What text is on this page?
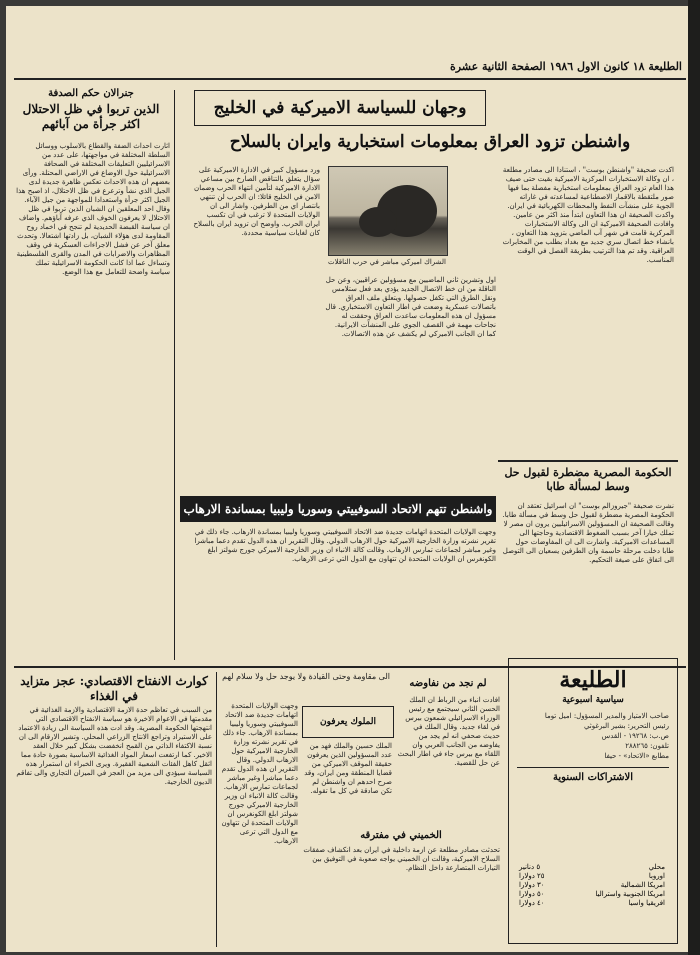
الطليعة ١٨ كانون الاول ١٩٨٦ الصفحة الثانية عشرة
وجهان للسياسة الاميركية في الخليج
واشنطن تزود العراق بمعلومات استخبارية وايران بالسلاح
الشراك اميركي مباشر في حرب الناقلات

اكدت صحيفة "واشنطن بوست" ، استنادا الى مصادر مطلعة ، ان وكالة الاستخبارات المركزية الاميركية بقيت حتى صيف هذا العام تزود العراق بمعلومات استخبارية مفصلة بما فيها صور ملتقطة بالاقمار الاصطناعية لمساعدته في غاراته الجوية على منشآت النفط والمحطات الكهربائية في ايران. واكدت الصحيفة ان هذا التعاون ابتدأ منذ اكثر من عامين. وافادت الصحيفة الاميركية ان الى وكالة الاستخبارات المركزية قامت في شهر آب الماضي بتزويد هذا التعاون ، بانشاء خط اتصال سري جديد مع بغداد بطلب من المخابرات العراقية. وقد تم هذا الترتيب بطريقة الفصل في الوقت المناسب.

اول وتشرين ثاني الماضيين مع مسؤولين عراقيين، وعن حل الناقلة من ان خط الاتصال الجديد يؤدي بعد فعل ستلامس ونقل الطرق التي تكفل حصولها. ويتعلق ملف العراق باتصالات عسكرية وضعت في اطار التعاون الاستخباري. قال مسؤول ان هذه المعلومات ساعدت العراق وحققت له نجاحات مهمة في القصف الجوي على المنشآت الايرانية. كما ان الجانب الاميركي لم يكشف عن هذه الاتصالات.

ورد مسؤول كبير في الادارة الاميركية على سؤال يتعلق بالتناقض الصارخ بين مساعي الادارة الاميركية لتأمين انتهاء الحرب وضمان الامن في الخليج قائلا: ان الحرب لن تنتهي بانتصار اي من الطرفين. واشار الى ان الولايات المتحدة لا ترغب في ان تكسب ايران الحرب. واوضح ان تزويد ايران بالسلاح كان لغايات سياسية محددة.

الحكومة المصرية مضطرة لقبول حل وسط لمسألة طابا

نشرت صحيفة "جيروزالم بوست" ان اسرائيل تعتقد ان الحكومة المصرية مضطرة لقبول حل وسط في مسألة طابا. وقالت الصحيفة ان المسؤولين الاسرائيليين يرون ان مصر لا تملك خيارا آخر بسبب الضغوط الاقتصادية وحاجتها الى المساعدات الاميركية. واشارت الى ان المفاوضات حول طابا دخلت مرحلة حاسمة وان الطرفين يسعيان الى التوصل الى اتفاق على صيغة التحكيم.

واشنطن تتهم الاتحاد السوفييتي وسوريا وليبيا بمساندة الارهاب

وجهت الولايات المتحدة اتهامات جديدة ضد الاتحاد السوفييتي وسوريا وليبيا بمساندة الارهاب. جاء ذلك في تقرير نشرته وزارة الخارجية الاميركية حول الارهاب الدولي. وقال التقرير ان هذه الدول تقدم دعما مباشرا وغير مباشر لجماعات تمارس الارهاب. وقالت كالة الانباء ان وزير الخارجية الاميركي جورج شولتز ابلغ الكونغرس ان الولايات المتحدة لن تتهاون مع الدول التي ترعى الارهاب.

جنرالان حكم الصدفة
الذين تربوا في ظل الاحتلال اكثر جرأة من آبائهم

اثارت احداث الضفة والقطاع بالاسلوب ووسائل السلطة المختلفة في مواجهتها، على عدد من الاسرائيليين التعليقات المختلفة في الصحافة الاسرائيلية حول الاوضاع في الاراضي المحتلة. ورأى بعضهم ان هذه الاحداث تعكس ظاهرة جديدة لدى الجيل الذي نشأ وترعرع في ظل الاحتلال، اذ اصبح هذا الجيل اكثر جرأة واستعدادا للمواجهة من جيل الآباء. وقال احد المعلقين ان الشبان الذين تربوا في ظل الاحتلال لا يعرفون الخوف الذي عرفه آباؤهم. واضاف ان سياسة القبضة الحديدية لم تنجح في اخماد روح المقاومة لدى هؤلاء الشبان، بل زادتها اشتعالا. وتحدث معلق آخر عن فشل الاجراءات العسكرية في وقف المظاهرات والاضرابات في المدن والقرى الفلسطينية وتساءل عما اذا كانت الحكومة الاسرائيلية تملك سياسة واضحة للتعامل مع هذا الوضع.

الى مقاومة وحتى القيادة ولا يوجد حل ولا سلام لهم

كوارث الانفتاح الاقتصادي: عجز متزايد في الغذاء

من السبب في تعاظم حدة الازمة الاقتصادية والازمة الغذائية في مقدمتها في الاعوام الاخيرة هو سياسة الانفتاح الاقتصادي التي انتهجتها الحكومة المصرية. وقد ادت هذه السياسة الى زيادة الاعتماد على الاستيراد وتراجع الانتاج الزراعي المحلي. وتشير الارقام الى ان نسبة الاكتفاء الذاتي من القمح انخفضت بشكل كبير خلال العقد الاخير. كما ارتفعت اسعار المواد الغذائية الاساسية بصورة حادة مما اثقل كاهل الفئات الشعبية الفقيرة. ويرى الخبراء ان استمرار هذه السياسة سيؤدي الى مزيد من العجز في الميزان التجاري والى تفاقم الديون الخارجية.

الملوك يعرفون

الملك حسين والملك فهد من عدد المسؤولين الذين يعرفون حقيقة الموقف الاميركي من قضايا المنطقة ومن ايران، وقد صرح احدهم ان واشنطن لم تكن صادقة في كل ما تقوله.

لم نجد من نفاوضه

افادت انباء من الرباط ان الملك الحسن الثاني سيجتمع مع رئيس الوزراء الاسرائيلي شمعون بيرس في لقاء جديد. وقال الملك في حديث صحفي انه لم يجد من يفاوضه من الجانب العربي وان اللقاء مع بيرس جاء في اطار البحث عن حل للقضية.

الخميني في مفترقه

تحدثت مصادر مطلعة عن ازمة داخلية في ايران بعد انكشاف صفقات السلاح الاميركية، وقالت ان الخميني يواجه صعوبة في التوفيق بين التيارات المتصارعة داخل النظام.

وجهت الولايات المتحدة اتهامات جديدة ضد الاتحاد السوفييتي وسوريا وليبيا بمساندة الارهاب. جاء ذلك في تقرير نشرته وزارة الخارجية الاميركية حول الارهاب الدولي. وقال التقرير ان هذه الدول تقدم دعما مباشرا وغير مباشر لجماعات تمارس الارهاب. وقالت كالة الانباء ان وزير الخارجية الاميركي جورج شولتز ابلغ الكونغرس ان الولايات المتحدة لن تتهاون مع الدول التي ترعى الارهاب.

الطليعة
سياسية اسبوعية
صاحب الامتياز والمدير المسؤول: اميل توما
رئيس التحرير: بشير البرغوثي
ص.ب: ١٩٢٦٨ - القدس
تلفون: ٢٨٨٢٦٥
مطابع «الاتحاد» - حيفا
الاشتراكات السنوية
محلي
٥ دنانير
اوروبا
٢٥ دولارا
امريكا الشمالية
٣٠ دولارا
امريكا الجنوبية واستراليا
٥٠ دولارا
افريقيا واسيا
٤٠ دولارا
